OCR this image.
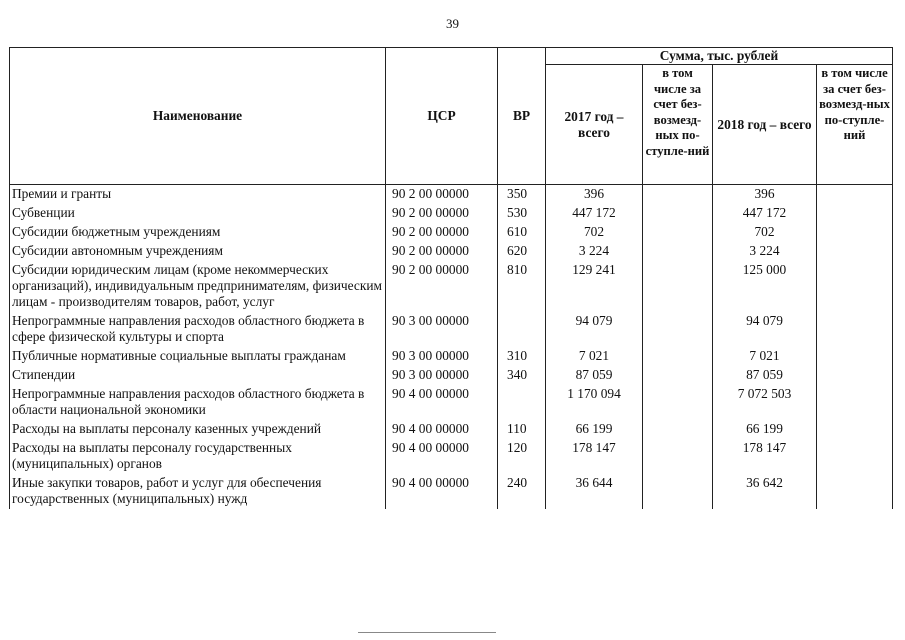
39
Наименование	ЦСР	ВР	Сумма, тыс. рублей			
			2017 год – всего	в том числе за счет без-возмезд-ных по-ступле-ний	2018 год – всего	в том числе за счет без-возмезд-ных по-ступле-ний
Премии и гранты	90 2 00 00000	350	396		396	
Субвенции	90 2 00 00000	530	447 172		447 172	
Субсидии бюджетным учреждениям	90 2 00 00000	610	702		702	
Субсидии автономным учреждениям	90 2 00 00000	620	3 224		3 224	
Субсидии юридическим лицам (кроме некоммерческих организаций), индивидуальным предпринимателям, физическим лицам - производителям товаров, работ, услуг	90 2 00 00000	810	129 241		125 000	
Непрограммные направления расходов областного бюджета в сфере физической культуры и спорта	90 3 00 00000		94 079		94 079	
Публичные нормативные социальные выплаты гражданам	90 3 00 00000	310	7 021		7 021	
Стипендии	90 3 00 00000	340	87 059		87 059	
Непрограммные направления расходов областного бюджета в области национальной экономики	90 4 00 00000		1 170 094		7 072 503	
Расходы на выплаты персоналу казенных учреждений	90 4 00 00000	110	66 199		66 199	
Расходы на выплаты персоналу государственных (муниципальных) органов	90 4 00 00000	120	178 147		178 147	
Иные закупки товаров, работ и услуг для обеспечения государственных (муниципальных) нужд	90 4 00 00000	240	36 644		36 642	
